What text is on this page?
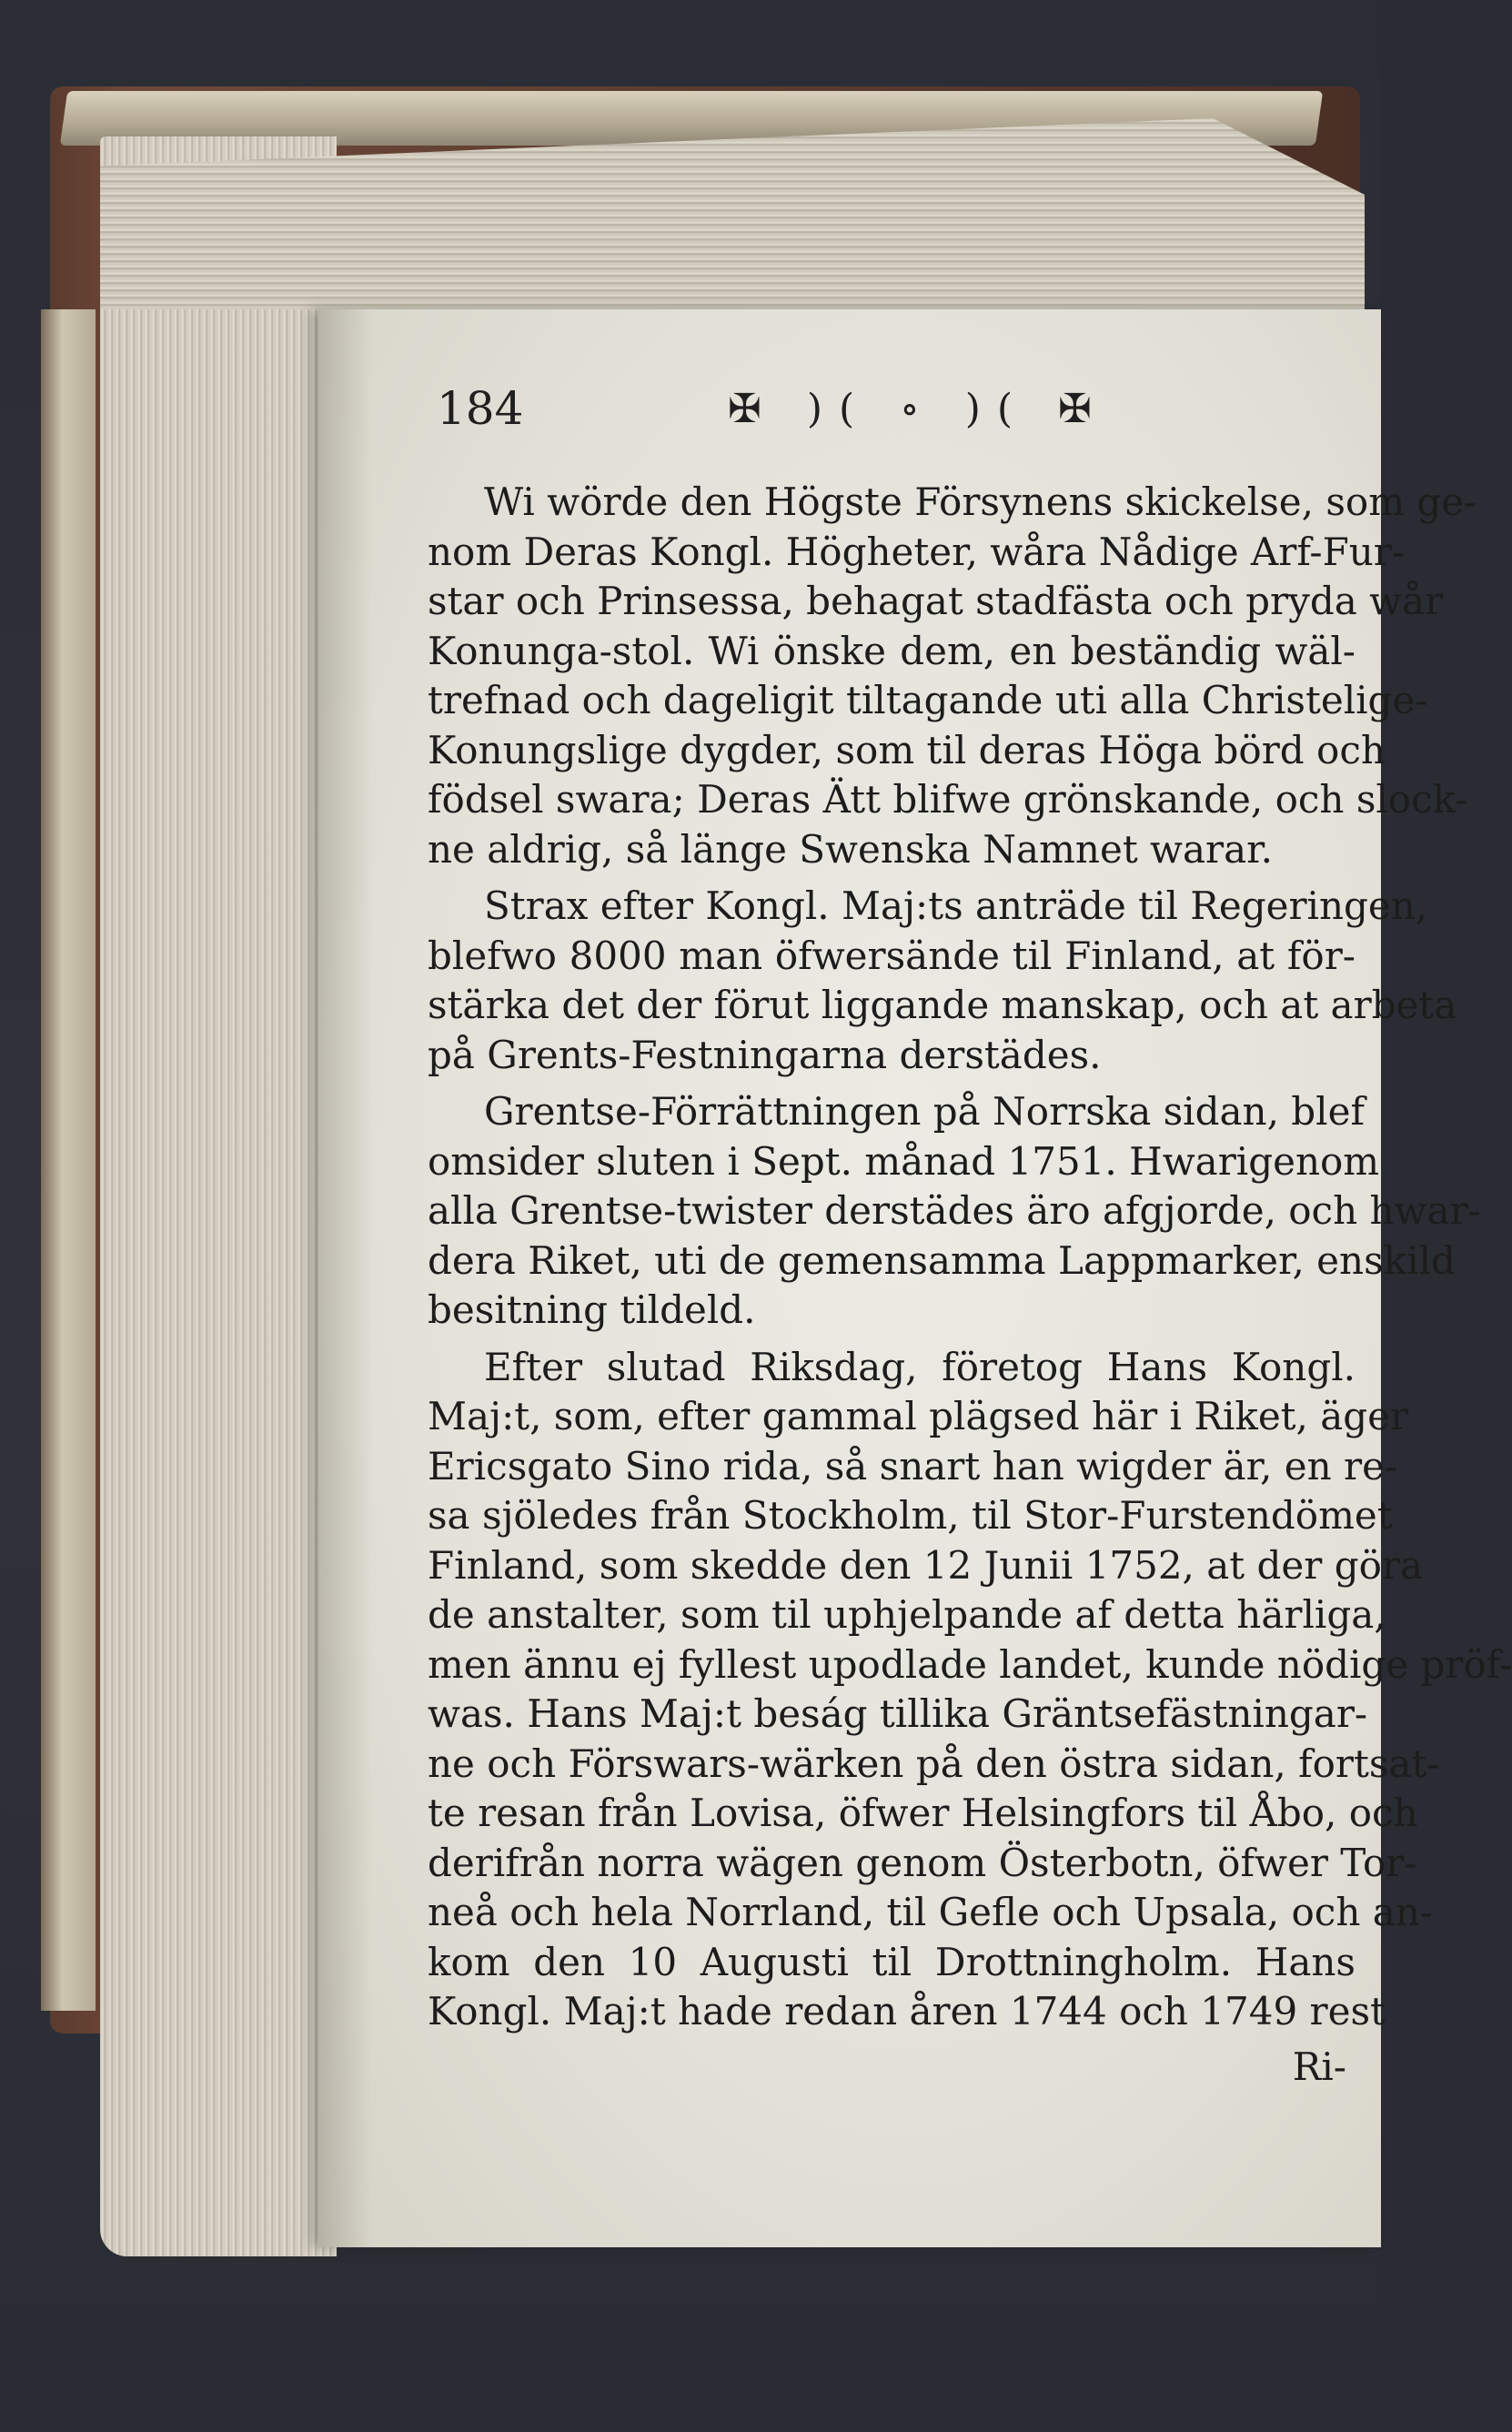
184	✠ )( ∘ )( ✠
Wi wörde den Högste Försynens skickelse, som ge-
nom Deras Kongl. Högheter, wåra Nådige Arf-Fur-
star och Prinsessa, behagat stadfästa och pryda wår
Konunga-stol. Wi önske dem, en beständig wäl-
trefnad och dageligit tiltagande uti alla Christelige-
Konungslige dygder, som til deras Höga börd och
födsel swara; Deras Ätt blifwe grönskande, och slock-
ne aldrig, så länge Swenska Namnet warar.
Strax efter Kongl. Maj:ts anträde til Regeringen,
blefwo 8000 man öfwersände til Finland, at för-
stärka det der förut liggande manskap, och at arbeta
på Grents-Festningarna derstädes.
Grentse-Förrättningen på Norrska sidan, blef
omsider sluten i Sept. månad 1751. Hwarigenom
alla Grentse-twister derstädes äro afgjorde, och hwar-
dera Riket, uti de gemensamma Lappmarker, enskild
besitning tildeld.
Efter slutad Riksdag, företog Hans Kongl.
Maj:t, som, efter gammal plägsed här i Riket, äger
Ericsgato Sino rida, så snart han wigder är, en re-
sa sjöledes från Stockholm, til Stor-Furstendömet
Finland, som skedde den 12 Junii 1752, at der göra
de anstalter, som til uphjelpande af detta härliga,
men ännu ej fyllest upodlade landet, kunde nödige pröf-
was. Hans Maj:t beság tillika Gräntsefästningar-
ne och Förswars-wärken på den östra sidan, fortsat-
te resan från Lovisa, öfwer Helsingfors til Åbo, och
derifrån norra wägen genom Österbotn, öfwer Tor-
neå och hela Norrland, til Gefle och Upsala, och an-
kom den 10 Augusti til Drottningholm. Hans
Kongl. Maj:t hade redan åren 1744 och 1749 rest
Ri-
